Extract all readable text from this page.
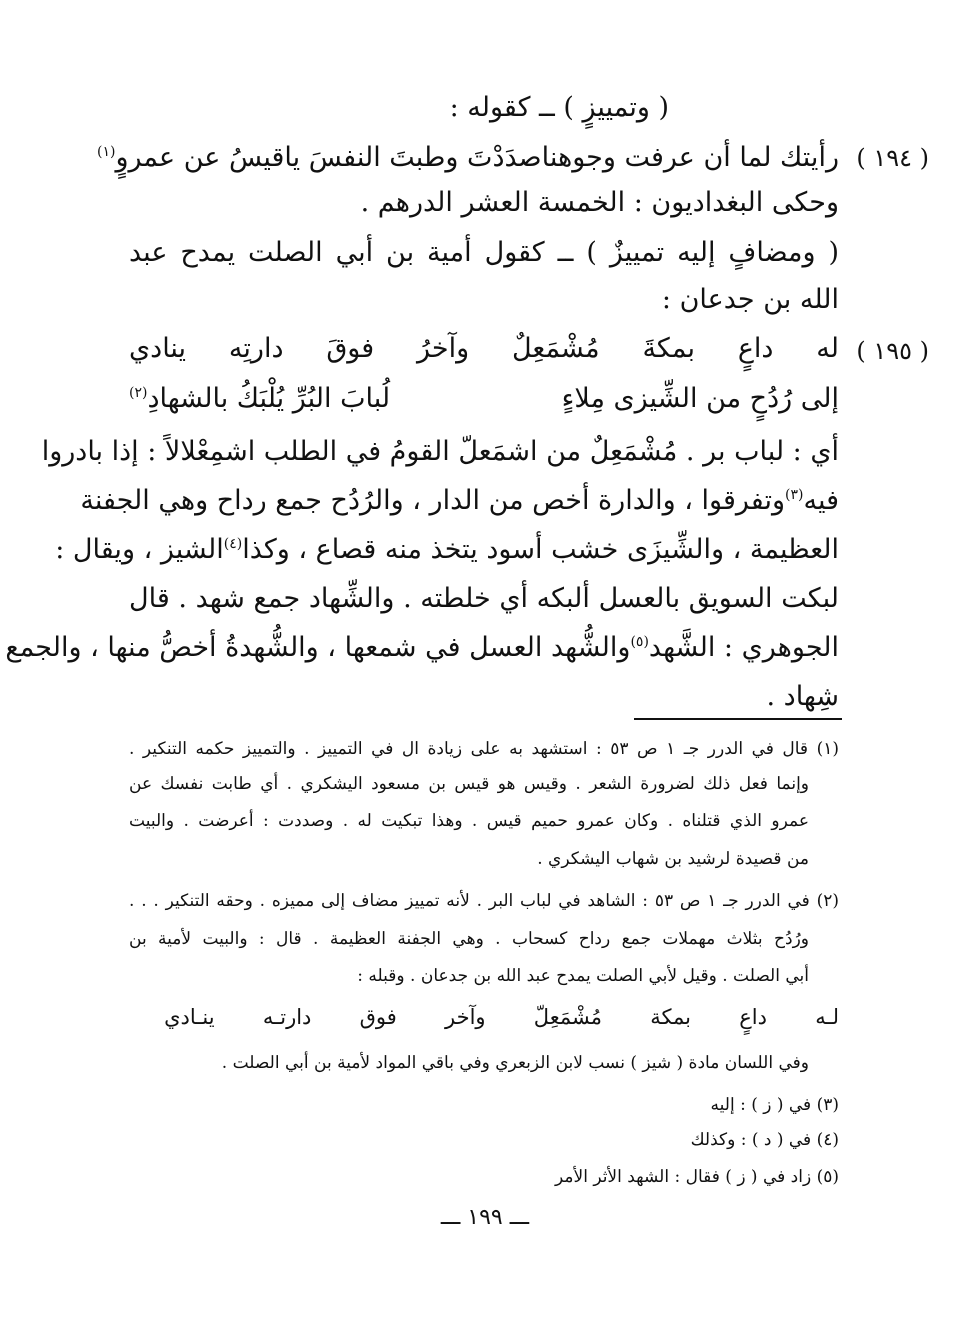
( وتمييزٍ ) ــ كقوله :
( ١٩٤ )
رأيتك لما أن عرفت وجوهنا
صدَدْتَ وطبتَ النفسَ ياقيسُ عن عمروٍ$^{(١)}$
وحكى البغداديون : الخمسة العشر الدرهم .
( ومضافٍ إليه تمييزٌ ) ــ كقول أمية بن أبي الصلت يمدح عبد
الله بن جدعان :
( ١٩٥ )
له
داعٍ
بمكةَ
مُشْمَعِلٌ
وآخرُ
فوقَ
دارتِه
ينادي
إلى رُدُحٍ من الشِّيزى مِلاءٍ
لُبابَ البُرِّ يُلْبَكُ بالشهادِ$^{(٢)}$
أي : لباب بر . مُشْمَعِلٌ من اشمَعلّ القومُ في الطلب اشمِعْلالاً : إذا بادروا
فيه$^{(٣)}$وتفرقوا ، والدارة أخص من الدار ، والرُدُح جمع رداح وهي الجفنة
العظيمة ، والشِّيزَى خشب أسود يتخذ منه قصاع ، وكذا$^{(٤)}$الشيز ، ويقال :
لبكت السويق بالعسل ألبكه أي خلطته . والشِّهاد جمع شهد . قال
الجوهري : الشَّهد$^{(٥)}$والشُّهد العسل في شمعها ، والشُّهدةُ أخصُّ منها ، والجمع
شِهاد .
(١) قال في الدرر جـ ١ ص ٥٣ : استشهد به على زيادة ال في التمييز . والتمييز حكمه التنكير .
وإنما فعل ذلك لضرورة الشعر . وقيس هو قيس بن مسعود اليشكري . أي طابت نفسك عن
عمرو الذي قتلناه . وكان عمرو حميم قيس . وهذا تبكيت له . وصددت : أعرضت . والبيت
من قصيدة لرشيد بن شهاب اليشكري .
(٢) في الدرر جـ ١ ص ٥٣ : الشاهد في لباب البر . لأنه تمييز مضاف إلى مميزه . وحقه التنكير . . .
ورُدُح بثلاث مهملات جمع رداح كسحاب . وهي الجفنة العظيمة . قال : والبيت لأمية بن
أبي الصلت . وقيل لأبي الصلت يمدح عبد الله بن جدعان . وقبله :
لـه
داعٍ
بمكة
مُشْمَعِلّ
وآخر
فوق
دارتـه
ينـادي
وفي اللسان مادة ( شيز ) نسب لابن الزبعري وفي باقي المواد لأمية بن أبي الصلت .
(٣) في ( ز ) : إليه
(٤) في ( د ) : وكذلك
(٥) زاد في ( ز ) فقال : الشهد الأثر الأمر
ـــ ١٩٩ ـــ
